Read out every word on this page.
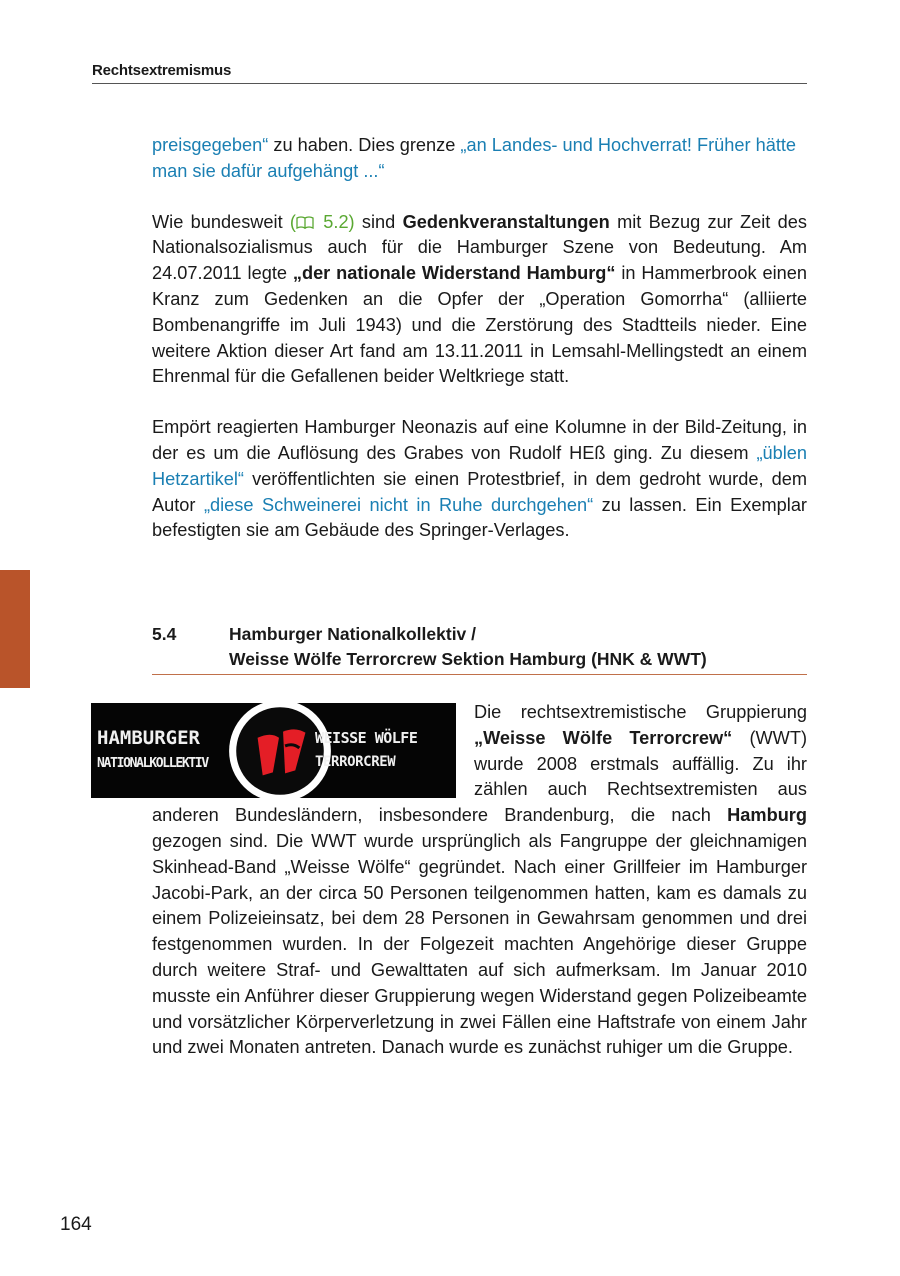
Rechtsextremismus

preisgegeben“ zu haben. Dies grenze „an Landes- und Hochverrat! Früher hätte man sie dafür aufgehängt ...“

Wie bundesweit ( 5.2) sind Gedenkveranstaltungen mit Bezug zur Zeit des Nationalsozialismus auch für die Hamburger Szene von Bedeutung. Am 24.07.2011 legte „der nationale Widerstand Hamburg“ in Hammerbrook einen Kranz zum Gedenken an die Opfer der „Operation Gomorrha“ (alliierte Bombenangriffe im Juli 1943) und die Zerstörung des Stadtteils nieder. Eine weitere Aktion dieser Art fand am 13.11.2011 in Lemsahl-Mellingstedt an einem Ehrenmal für die Gefallenen beider Weltkriege statt.

Empört reagierten Hamburger Neonazis auf eine Kolumne in der Bild-Zeitung, in der es um die Auflösung des Grabes von Rudolf HEß ging. Zu diesem „üblen Hetzartikel“ veröffentlichten sie einen Protestbrief, in dem gedroht wurde, dem Autor „diese Schweinerei nicht in Ruhe durchgehen“ zu lassen. Ein Exemplar befestigten sie am Gebäude des Springer-Verlages.

5.4	Hamburger Nationalkollektiv /
Weisse Wölfe Terrorcrew Sektion Hamburg (HNK & WWT)
HAMBURGER
NATIONALKOLLEKTIV
WEISSE WÖLFE
TERRORCREW
Die rechtsextremistische Gruppierung „Weisse Wölfe Terrorcrew“ (WWT) wurde 2008 erstmals auffällig. Zu ihr zählen auch Rechtsextremisten aus anderen Bundesländern, insbesondere Brandenburg, die nach Hamburg gezogen sind. Die WWT wurde ursprünglich als Fangruppe der gleichnamigen Skinhead-Band „Weisse Wölfe“ gegründet. Nach einer Grillfeier im Hamburger Jacobi-Park, an der circa 50 Personen teilgenommen hatten, kam es damals zu einem Polizeieinsatz, bei dem 28 Personen in Gewahrsam genommen und drei festgenommen wurden. In der Folgezeit machten Angehörige dieser Gruppe durch weitere Straf- und Gewalttaten auf sich aufmerksam. Im Januar 2010 musste ein Anführer dieser Gruppierung wegen Widerstand gegen Polizeibeamte und vorsätzlicher Körperverletzung in zwei Fällen eine Haftstrafe von einem Jahr und zwei Monaten antreten. Danach wurde es zunächst ruhiger um die Gruppe.
164
